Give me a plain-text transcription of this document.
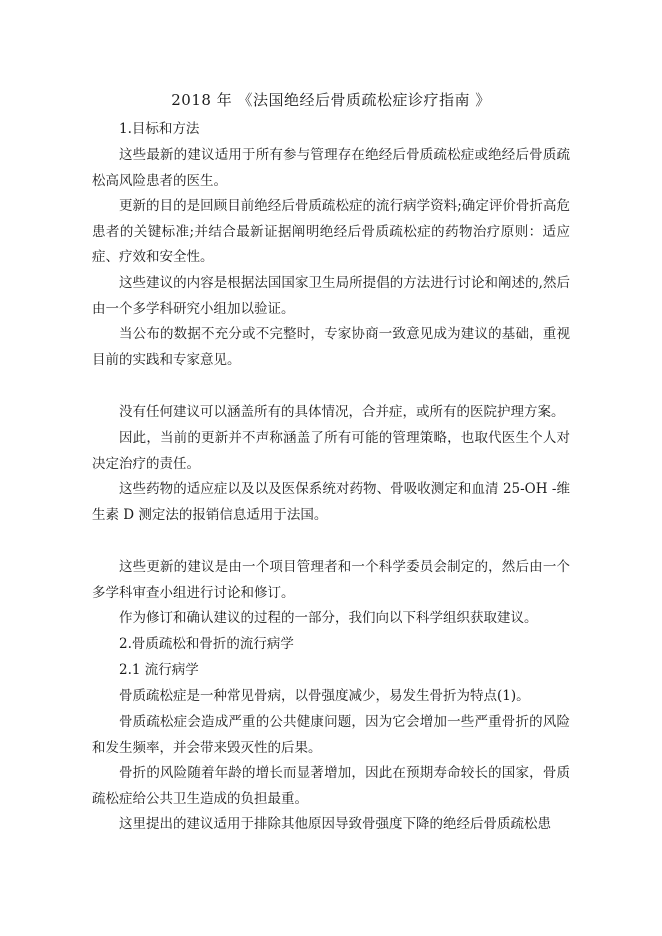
2018 年 《法国绝经后骨质疏松症诊疗指南 》

1.目标和方法

这些最新的建议适用于所有参与管理存在绝经后骨质疏松症或绝经后骨质疏松高风险患者的医生。

更新的目的是回顾目前绝经后骨质疏松症的流行病学资料;确定评价骨折高危患者的关键标准;并结合最新证据阐明绝经后骨质疏松症的药物治疗原则：适应症、疗效和安全性。

这些建议的内容是根据法国国家卫生局所提倡的方法进行讨论和阐述的,然后由一个多学科研究小组加以验证。

当公布的数据不充分或不完整时，专家协商一致意见成为建议的基础，重视目前的实践和专家意见。

没有任何建议可以涵盖所有的具体情况，合并症，或所有的医院护理方案。

因此，当前的更新并不声称涵盖了所有可能的管理策略，也取代医生个人对决定治疗的责任。

这些药物的适应症以及以及医保系统对药物、骨吸收测定和血清 25-OH -维生素 D 测定法的报销信息适用于法国。

这些更新的建议是由一个项目管理者和一个科学委员会制定的，然后由一个多学科审查小组进行讨论和修订。

作为修订和确认建议的过程的一部分，我们向以下科学组织获取建议。

2.骨质疏松和骨折的流行病学

2.1 流行病学

骨质疏松症是一种常见骨病，以骨强度减少，易发生骨折为特点(1)。

骨质疏松症会造成严重的公共健康问题，因为它会增加一些严重骨折的风险和发生频率，并会带来毁灭性的后果。

骨折的风险随着年龄的增长而显著增加，因此在预期寿命较长的国家，骨质疏松症给公共卫生造成的负担最重。

这里提出的建议适用于排除其他原因导致骨强度下降的绝经后骨质疏松患
